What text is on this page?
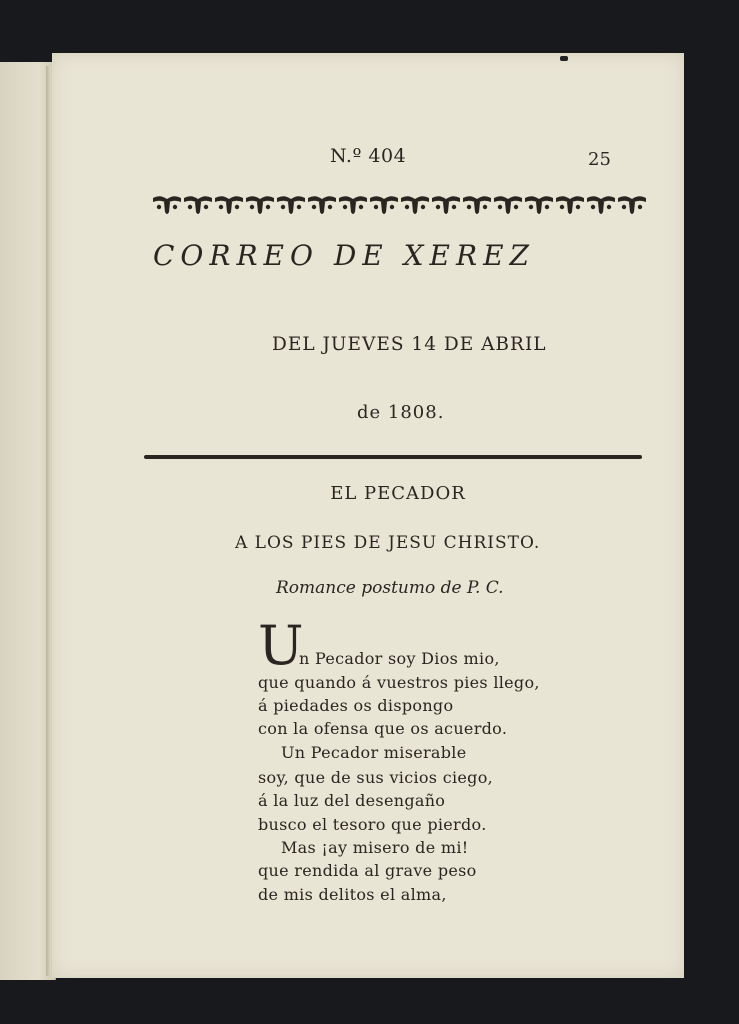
N.º 404	25
CORREO DE XEREZ
DEL JUEVES 14 DE ABRIL
de 1808.
EL PECADOR
A LOS PIES DE JESU CHRISTO.
Romance postumo de P. C.
U
n Pecador soy Dios mio,
que quando á vuestros pies llego,
á piedades os dispongo
con la ofensa que os acuerdo.
Un Pecador miserable
soy, que de sus vicios ciego,
á la luz del desengaño
busco el tesoro que pierdo.
Mas ¡ay misero de mi!
que rendida al grave peso
de mis delitos el alma,
